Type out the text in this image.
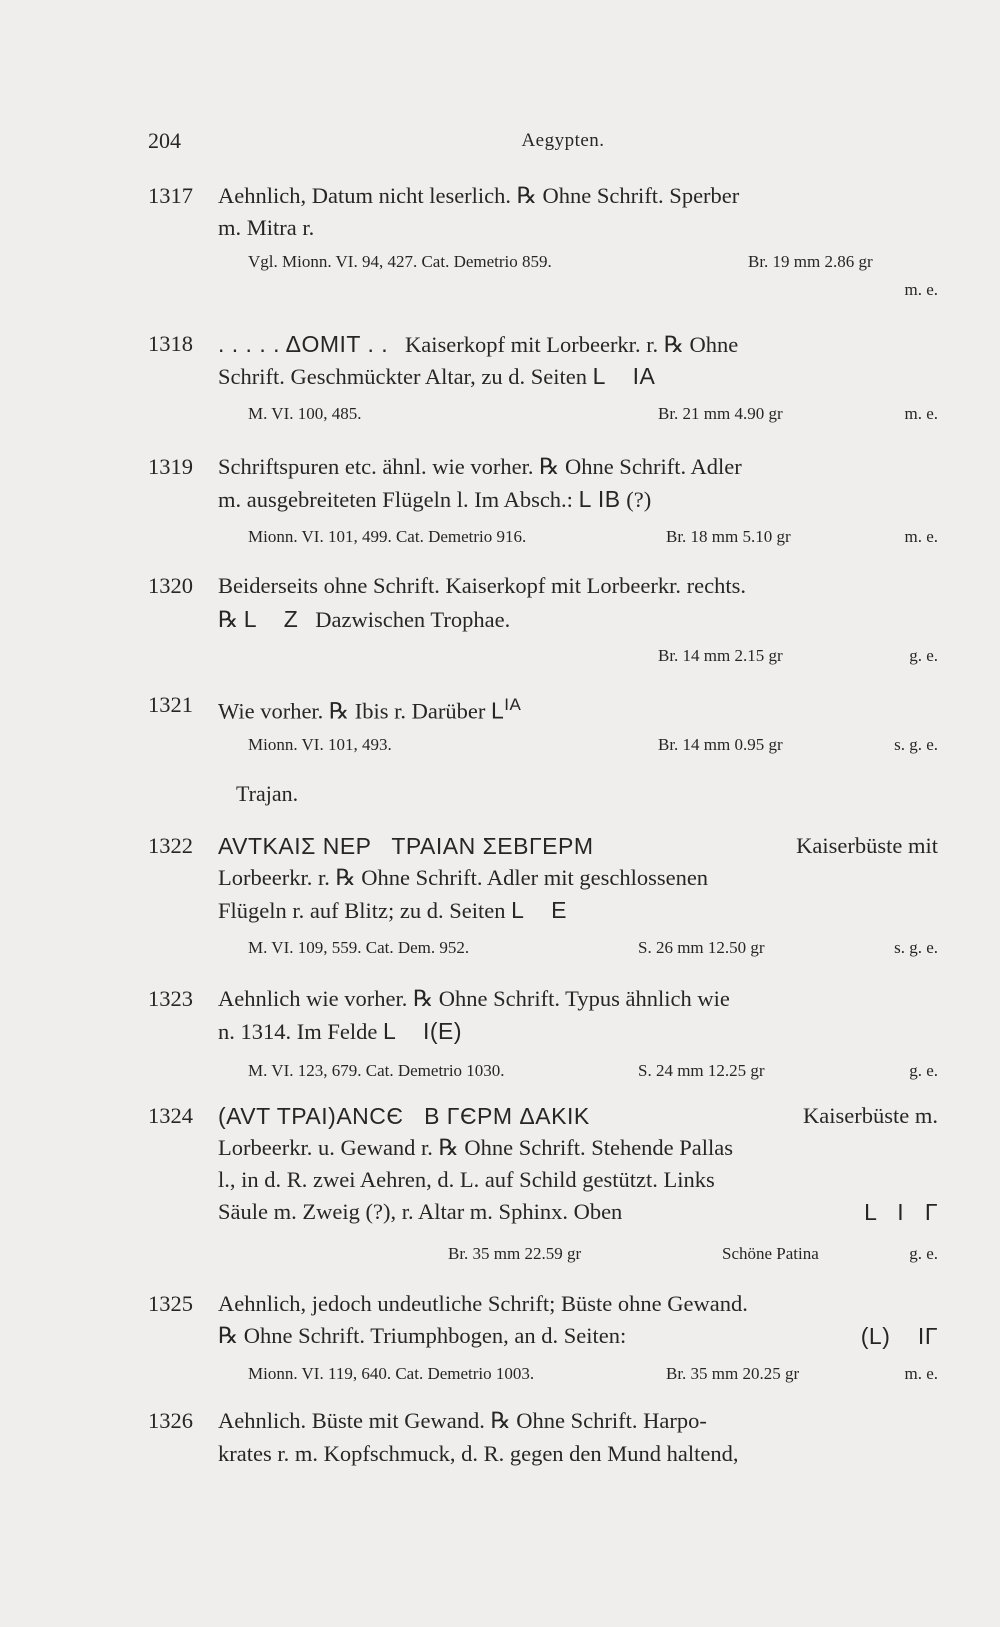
204	Aegypten.
1317 Aehnlich, Datum nicht leserlich. ℞ Ohne Schrift. Sperber
m. Mitra r.
Vgl. Mionn. VI. 94, 427. Cat. Demetrio 859.	Br. 19 mm 2.86 gr
m. e.
1318 . . . . . ΔOMIT . . Kaiserkopf mit Lorbeerkr. r. ℞ Ohne
Schrift. Geschmückter Altar, zu d. Seiten L    IA
M. VI. 100, 485.	Br. 21 mm 4.90 gr	m. e.
1319 Schriftspuren etc. ähnl. wie vorher. ℞ Ohne Schrift. Adler
m. ausgebreiteten Flügeln l. Im Absch.: L IB (?)
Mionn. VI. 101, 499. Cat. Demetrio 916.	Br. 18 mm 5.10 gr	m. e.
1320 Beiderseits ohne Schrift. Kaiserkopf mit Lorbeerkr. rechts.
℞ L    Z Dazwischen Trophae.
Br. 14 mm 2.15 gr	g. e.
1321 Wie vorher. ℞ Ibis r. Darüber $L^{IA}$
Mionn. VI. 101, 493.	Br. 14 mm 0.95 gr	s. g. e.
Trajan.
1322 AVTKAIΣ NEP   TPAIAN ΣEBΓEPM	Kaiserbüste mit
Lorbeerkr. r. ℞ Ohne Schrift. Adler mit geschlossenen
Flügeln r. auf Blitz; zu d. Seiten L    E
M. VI. 109, 559. Cat. Dem. 952.	S. 26 mm 12.50 gr	s. g. e.
1323 Aehnlich wie vorher. ℞ Ohne Schrift. Typus ähnlich wie
n. 1314. Im Felde L    I(E)
M. VI. 123, 679. Cat. Demetrio 1030.	S. 24 mm 12.25 gr	g. e.
1324 (AVT TPAI)ANCЄ   B ΓЄPM ΔΑΚΙΚ	Kaiserbüste m.
Lorbeerkr. u. Gewand r. ℞ Ohne Schrift. Stehende Pallas
l., in d. R. zwei Aehren, d. L. auf Schild gestützt. Links
Säule m. Zweig (?), r. Altar m. Sphinx. Oben	L   I   Γ
Br. 35 mm 22.59 gr	Schöne Patina	g. e.
1325 Aehnlich, jedoch undeutliche Schrift; Büste ohne Gewand.
℞ Ohne Schrift. Triumphbogen, an d. Seiten:	(L)    IΓ
Mionn. VI. 119, 640. Cat. Demetrio 1003.	Br. 35 mm 20.25 gr	m. e.
1326 Aehnlich. Büste mit Gewand. ℞ Ohne Schrift. Harpo-
krates r. m. Kopfschmuck, d. R. gegen den Mund haltend,
